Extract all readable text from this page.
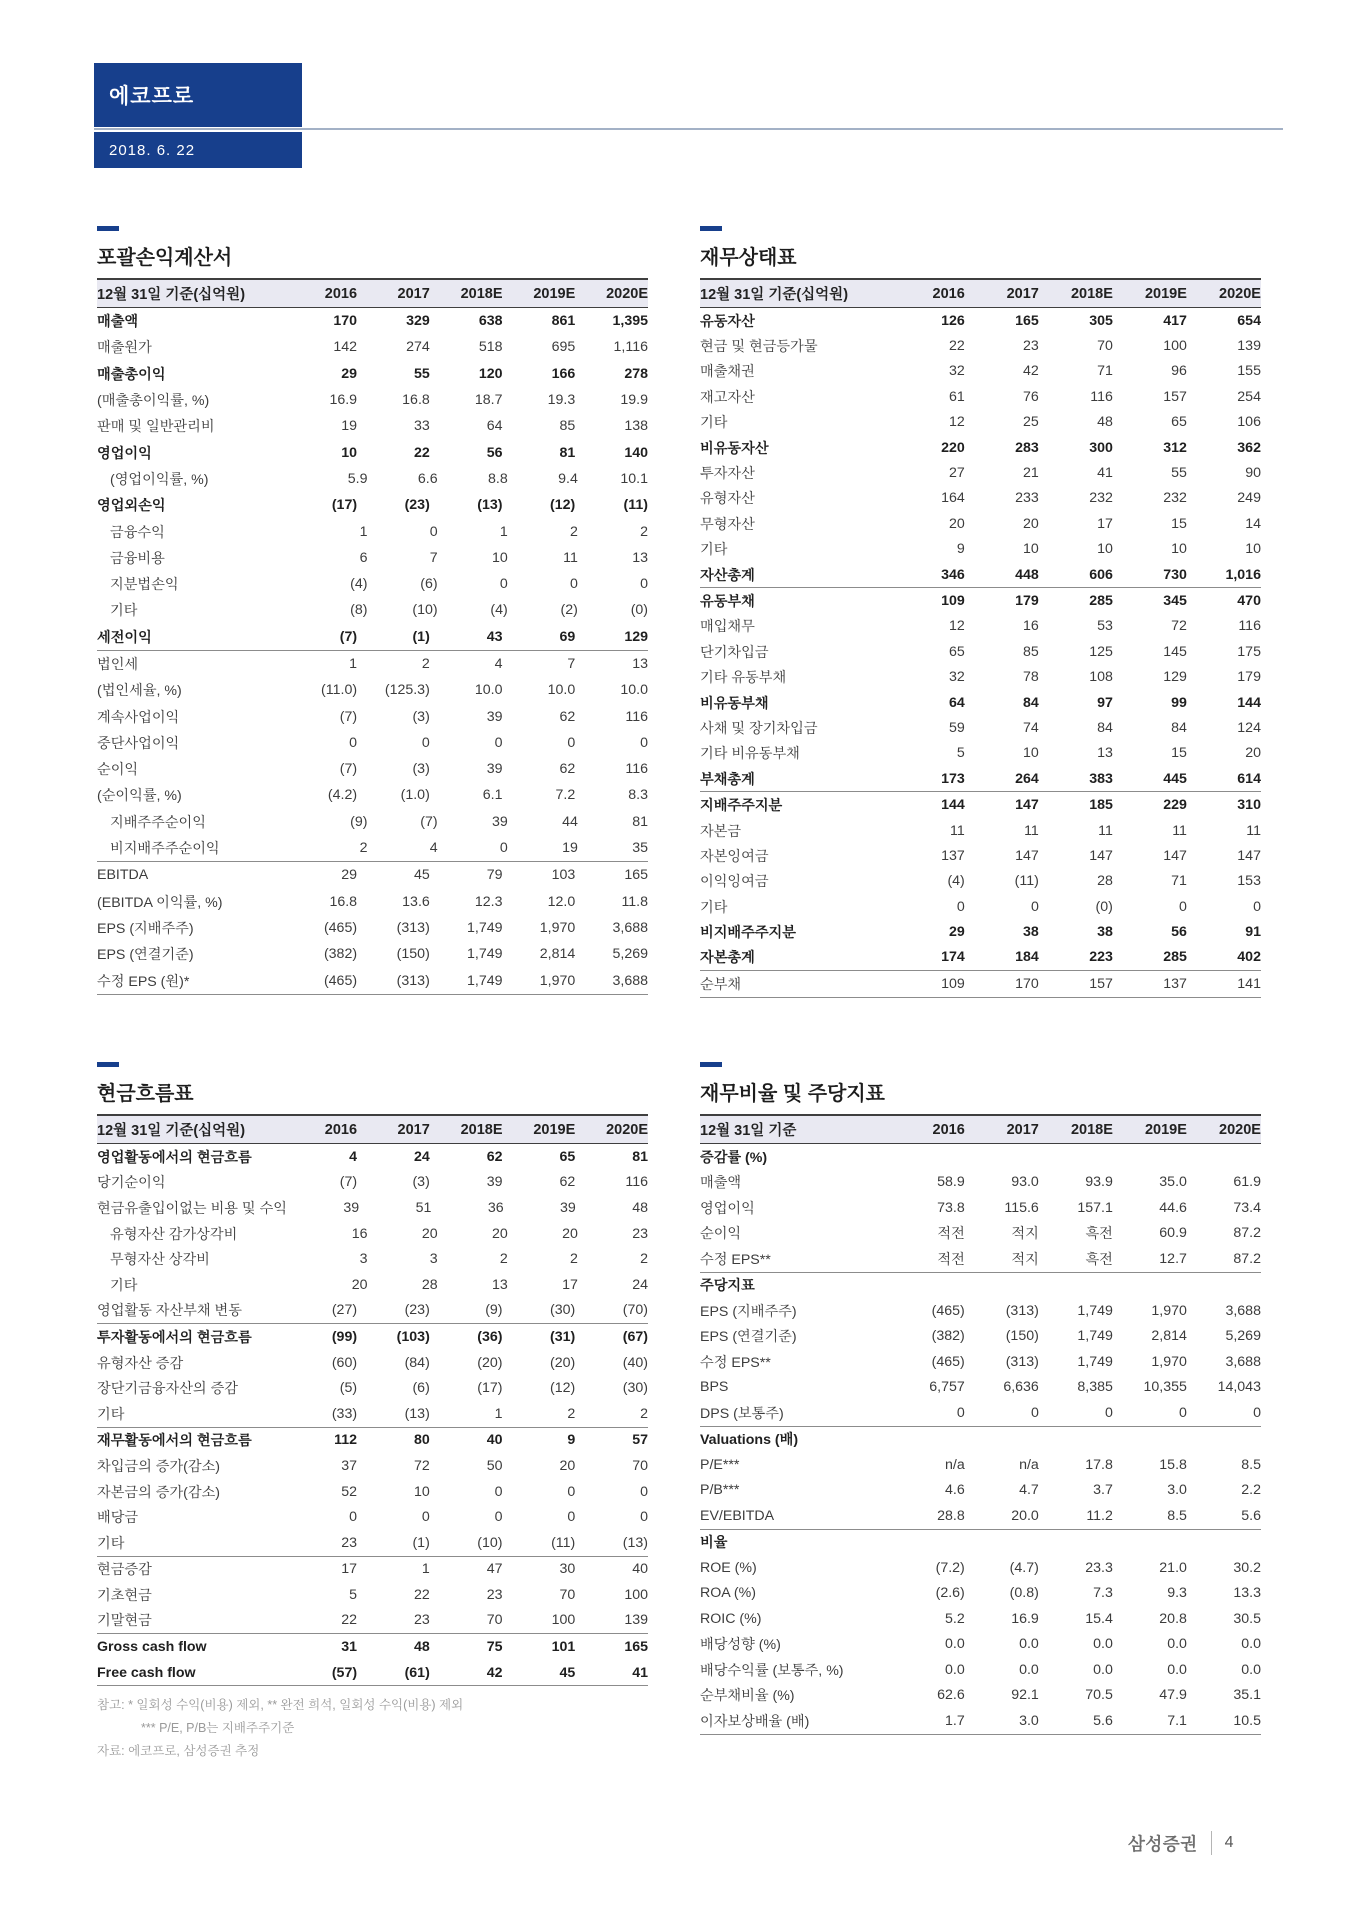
에코프로
2018. 6. 22
포괄손익계산서
12월 31일 기준(십억원)	2016	2017	2018E	2019E	2020E
매출액	170	329	638	861	1,395
매출원가	142	274	518	695	1,116
매출총이익	29	55	120	166	278
(매출총이익률, %)	16.9	16.8	18.7	19.3	19.9
판매 및 일반관리비	19	33	64	85	138
영업이익	10	22	56	81	140
(영업이익률, %)	5.9	6.6	8.8	9.4	10.1
영업외손익	(17)	(23)	(13)	(12)	(11)
금융수익	1	0	1	2	2
금융비용	6	7	10	11	13
지분법손익	(4)	(6)	0	0	0
기타	(8)	(10)	(4)	(2)	(0)
세전이익	(7)	(1)	43	69	129
법인세	1	2	4	7	13
(법인세율, %)	(11.0)	(125.3)	10.0	10.0	10.0
계속사업이익	(7)	(3)	39	62	116
중단사업이익	0	0	0	0	0
순이익	(7)	(3)	39	62	116
(순이익률, %)	(4.2)	(1.0)	6.1	7.2	8.3
지배주주순이익	(9)	(7)	39	44	81
비지배주주순이익	2	4	0	19	35
EBITDA	29	45	79	103	165
(EBITDA 이익률, %)	16.8	13.6	12.3	12.0	11.8
EPS (지배주주)	(465)	(313)	1,749	1,970	3,688
EPS (연결기준)	(382)	(150)	1,749	2,814	5,269
수정 EPS (원)*	(465)	(313)	1,749	1,970	3,688
재무상태표
12월 31일 기준(십억원)	2016	2017	2018E	2019E	2020E
유동자산	126	165	305	417	654
현금 및 현금등가물	22	23	70	100	139
매출채권	32	42	71	96	155
재고자산	61	76	116	157	254
기타	12	25	48	65	106
비유동자산	220	283	300	312	362
투자자산	27	21	41	55	90
유형자산	164	233	232	232	249
무형자산	20	20	17	15	14
기타	9	10	10	10	10
자산총계	346	448	606	730	1,016
유동부채	109	179	285	345	470
매입채무	12	16	53	72	116
단기차입금	65	85	125	145	175
기타 유동부채	32	78	108	129	179
비유동부채	64	84	97	99	144
사채 및 장기차입금	59	74	84	84	124
기타 비유동부채	5	10	13	15	20
부채총계	173	264	383	445	614
지배주주지분	144	147	185	229	310
자본금	11	11	11	11	11
자본잉여금	137	147	147	147	147
이익잉여금	(4)	(11)	28	71	153
기타	0	0	(0)	0	0
비지배주주지분	29	38	38	56	91
자본총계	174	184	223	285	402
순부채	109	170	157	137	141
현금흐름표
12월 31일 기준(십억원)	2016	2017	2018E	2019E	2020E
영업활동에서의 현금흐름	4	24	62	65	81
당기순이익	(7)	(3)	39	62	116
현금유출입이없는 비용 및 수익	39	51	36	39	48
유형자산 감가상각비	16	20	20	20	23
무형자산 상각비	3	3	2	2	2
기타	20	28	13	17	24
영업활동 자산부채 변동	(27)	(23)	(9)	(30)	(70)
투자활동에서의 현금흐름	(99)	(103)	(36)	(31)	(67)
유형자산 증감	(60)	(84)	(20)	(20)	(40)
장단기금융자산의 증감	(5)	(6)	(17)	(12)	(30)
기타	(33)	(13)	1	2	2
재무활동에서의 현금흐름	112	80	40	9	57
차입금의 증가(감소)	37	72	50	20	70
자본금의 증가(감소)	52	10	0	0	0
배당금	0	0	0	0	0
기타	23	(1)	(10)	(11)	(13)
현금증감	17	1	47	30	40
기초현금	5	22	23	70	100
기말현금	22	23	70	100	139
Gross cash flow	31	48	75	101	165
Free cash flow	(57)	(61)	42	45	41
재무비율 및 주당지표
12월 31일 기준	2016	2017	2018E	2019E	2020E
증감률 (%)
매출액	58.9	93.0	93.9	35.0	61.9
영업이익	73.8	115.6	157.1	44.6	73.4
순이익	적전	적지	흑전	60.9	87.2
수정 EPS**	적전	적지	흑전	12.7	87.2
주당지표
EPS (지배주주)	(465)	(313)	1,749	1,970	3,688
EPS (연결기준)	(382)	(150)	1,749	2,814	5,269
수정 EPS**	(465)	(313)	1,749	1,970	3,688
BPS	6,757	6,636	8,385	10,355	14,043
DPS (보통주)	0	0	0	0	0
Valuations (배)
P/E***	n/a	n/a	17.8	15.8	8.5
P/B***	4.6	4.7	3.7	3.0	2.2
EV/EBITDA	28.8	20.0	11.2	8.5	5.6
비율
ROE (%)	(7.2)	(4.7)	23.3	21.0	30.2
ROA (%)	(2.6)	(0.8)	7.3	9.3	13.3
ROIC (%)	5.2	16.9	15.4	20.8	30.5
배당성향 (%)	0.0	0.0	0.0	0.0	0.0
배당수익률 (보통주, %)	0.0	0.0	0.0	0.0	0.0
순부채비율 (%)	62.6	92.1	70.5	47.9	35.1
이자보상배율 (배)	1.7	3.0	5.6	7.1	10.5
참고: * 일회성 수익(비용) 제외, ** 완전 희석, 일회성 수익(비용) 제외
*** P/E, P/B는 지배주주기준
자료: 에코프로, 삼성증권 추정
삼성증권 4
